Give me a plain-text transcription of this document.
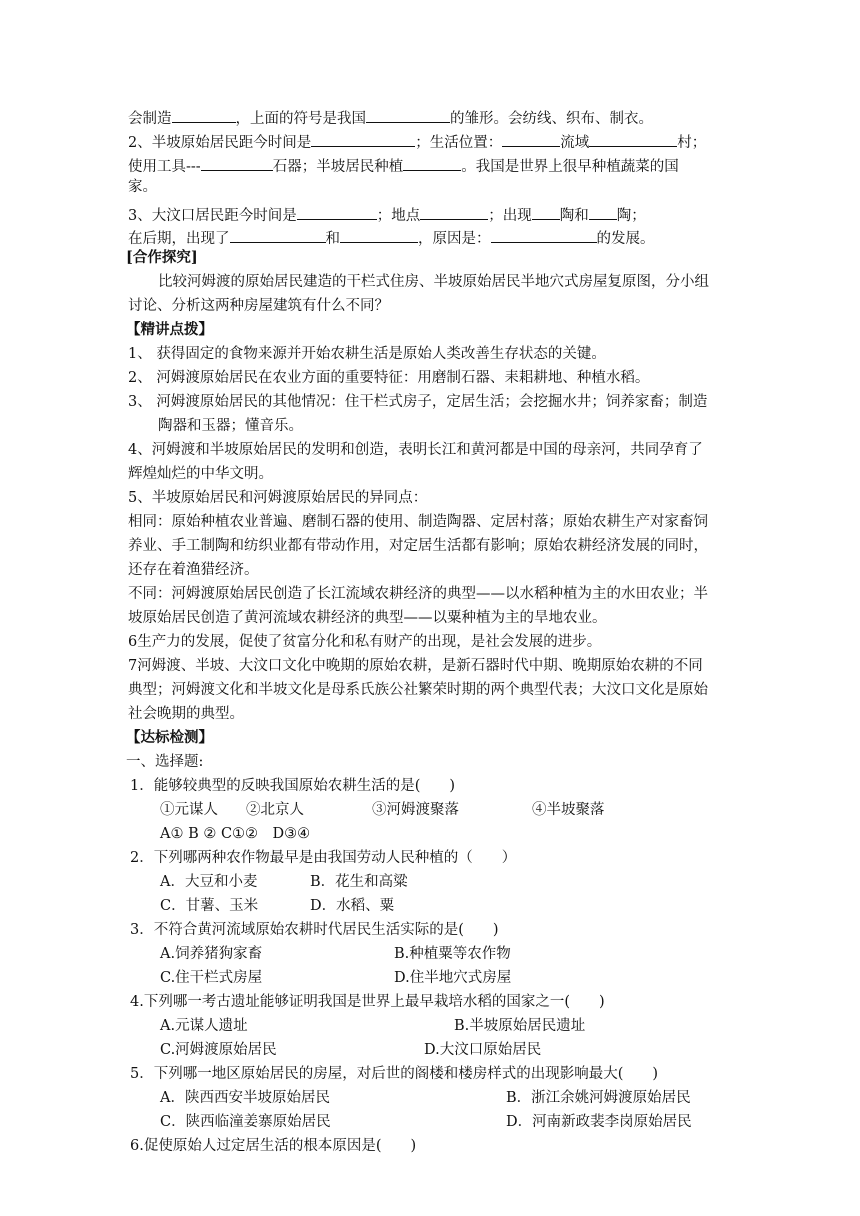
会制造	，上面的符号是我国	的雏形。会纺线、织布、制衣。
2、半坡原始居民距今时间是	；生活位置：	流域	村；
使用工具---	石器；半坡居民种植	。我国是世界上很早种植蔬菜的国
家。
3、大汶口居民距今时间是	；地点	；出现 陶和 陶；
在后期，出现了	和	，原因是：	的发展。
[合作探究]
比较河姆渡的原始居民建造的干栏式住房、半坡原始居民半地穴式房屋复原图，分小组
讨论、分析这两种房屋建筑有什么不同？
【精讲点拨】
1、 获得固定的食物来源并开始农耕生活是原始人类改善生存状态的关键。
2、 河姆渡原始居民在农业方面的重要特征：用磨制石器、耒耜耕地、种植水稻。
3、 河姆渡原始居民的其他情况：住干栏式房子，定居生活；会挖掘水井；饲养家畜；制造
陶器和玉器；懂音乐。
4、河姆渡和半坡原始居民的发明和创造，表明长江和黄河都是中国的母亲河，共同孕育了
辉煌灿烂的中华文明。
5、半坡原始居民和河姆渡原始居民的异同点：
相同：原始种植农业普遍、磨制石器的使用、制造陶器、定居村落；原始农耕生产对家畜饲
养业、手工制陶和纺织业都有带动作用，对定居生活都有影响；原始农耕经济发展的同时，
还存在着渔猎经济。
不同：河姆渡原始居民创造了长江流域农耕经济的典型——以水稻种植为主的水田农业；半
坡原始居民创造了黄河流域农耕经济的典型——以粟种植为主的旱地农业。
6生产力的发展，促使了贫富分化和私有财产的出现，是社会发展的进步。
7河姆渡、半坡、大汶口文化中晚期的原始农耕，是新石器时代中期、晚期原始农耕的不同
典型；河姆渡文化和半坡文化是母系氏族公社繁荣时期的两个典型代表；大汶口文化是原始
社会晚期的典型。
【达标检测】
一、选择题:
1．能够较典型的反映我国原始农耕生活的是(　　)
①元谋人 ②北京人	③河姆渡聚落	④半坡聚落
A① B ② C①②　D③④
2．下列哪两种农作物最早是由我国劳动人民种植的（　　）
A．大豆和小麦	B．花生和高粱
C．甘薯、玉米	D．水稻、粟
3．不符合黄河流域原始农耕时代居民生活实际的是(　　)
A.饲养猪狗家畜	B.种植粟等农作物
C.住干栏式房屋	D.住半地穴式房屋
4.下列哪一考古遗址能够证明我国是世界上最早栽培水稻的国家之一(　　)
A.元谋人遗址	B.半坡原始居民遗址
C.河姆渡原始居民	D.大汶口原始居民
5．下列哪一地区原始居民的房屋，对后世的阁楼和楼房样式的出现影响最大(　　)
A．陕西西安半坡原始居民	B．浙江余姚河姆渡原始居民
C．陕西临潼姜寨原始居民	D．河南新政裴李岗原始居民
6.促使原始人过定居生活的根本原因是(　　)
